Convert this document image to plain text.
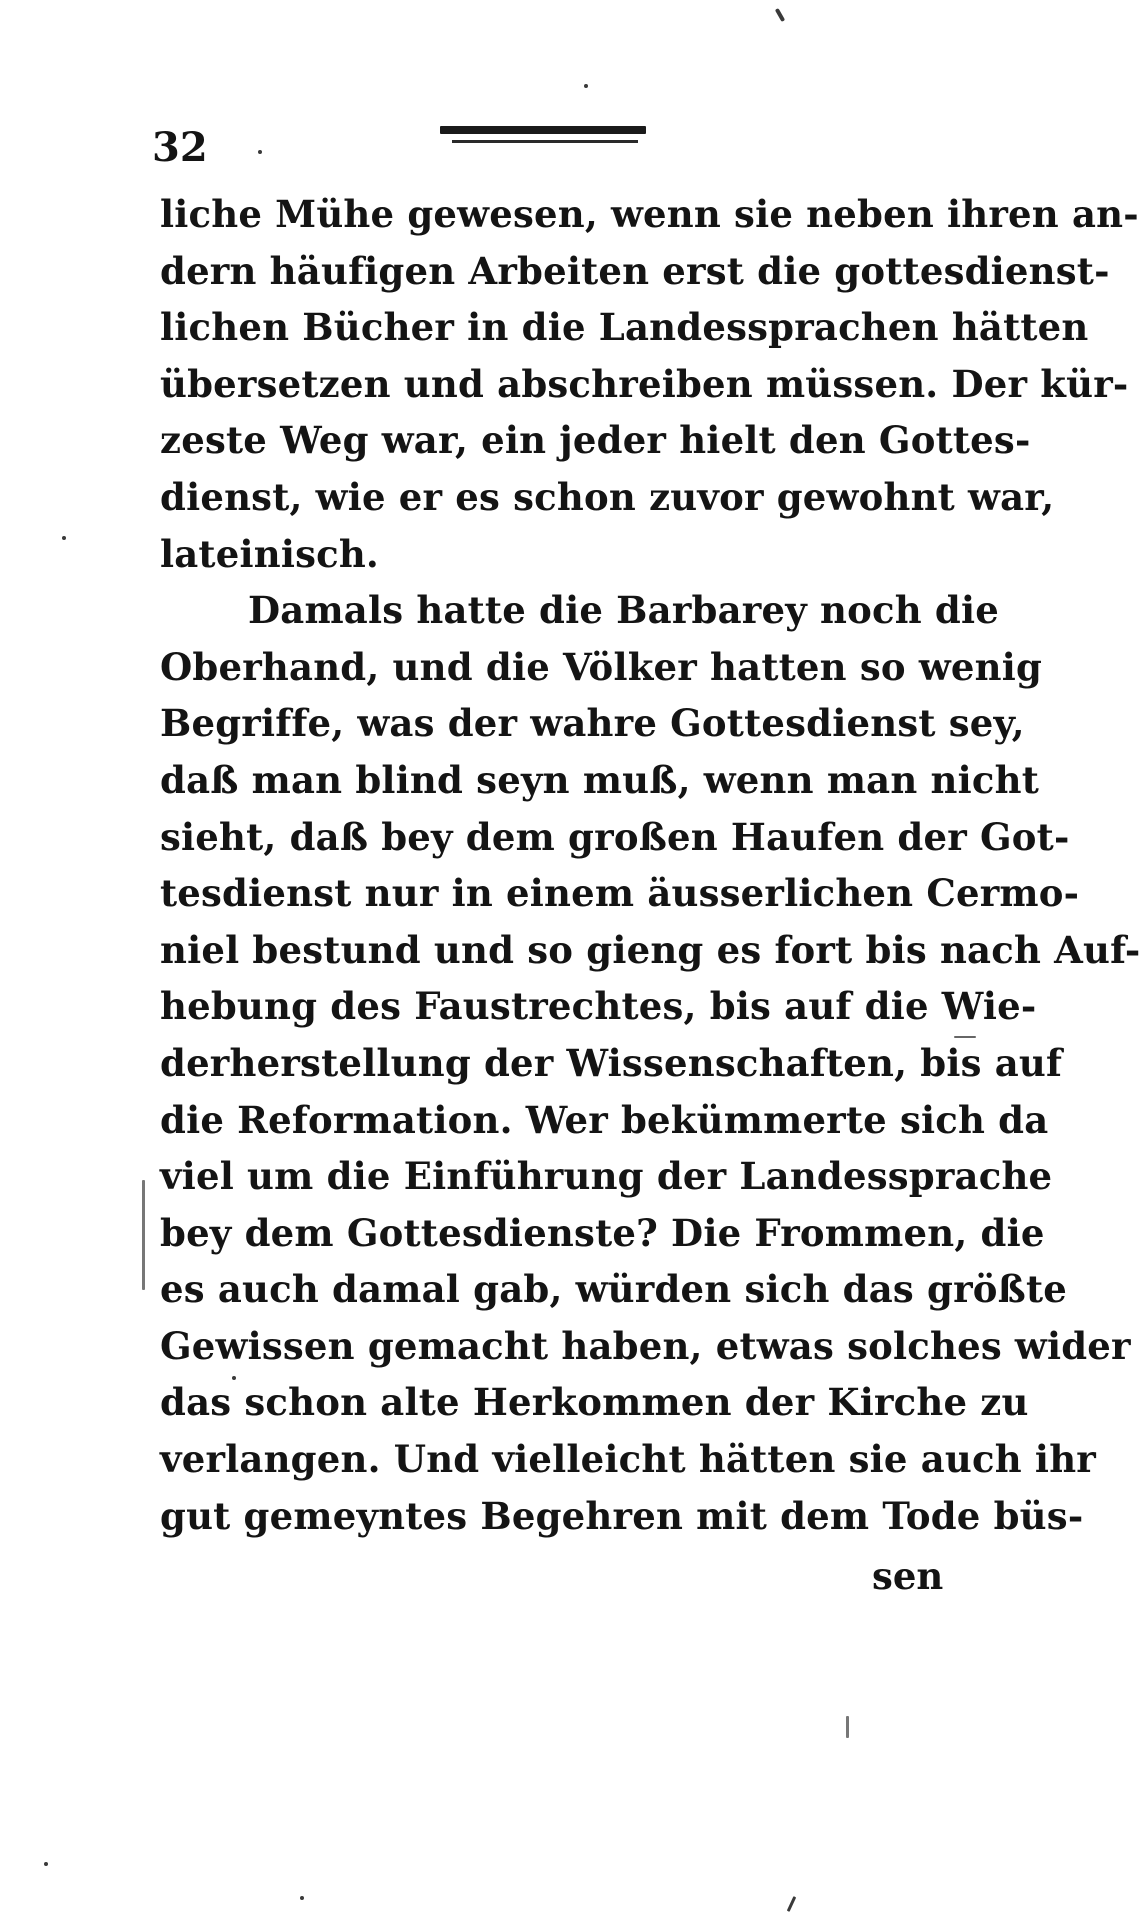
32
liche Mühe gewesen, wenn sie neben ihren an-
dern häufigen Arbeiten erst die gottesdienst-
lichen Bücher in die Landessprachen hätten
übersetzen und abschreiben müssen. Der kür-
zeste Weg war, ein jeder hielt den Gottes-
dienst, wie er es schon zuvor gewohnt war,
lateinisch.
Damals hatte die Barbarey noch die
Oberhand, und die Völker hatten so wenig
Begriffe, was der wahre Gottesdienst sey,
daß man blind seyn muß, wenn man nicht
sieht, daß bey dem großen Haufen der Got-
tesdienst nur in einem äusserlichen Cermo-
niel bestund und so gieng es fort bis nach Auf-
hebung des Faustrechtes, bis auf die Wie-
derherstellung der Wissenschaften, bis auf
die Reformation. Wer bekümmerte sich da
viel um die Einführung der Landessprache
bey dem Gottesdienste? Die Frommen, die
es auch damal gab, würden sich das größte
Gewissen gemacht haben, etwas solches wider
das schon alte Herkommen der Kirche zu
verlangen. Und vielleicht hätten sie auch ihr
gut gemeyntes Begehren mit dem Tode büs-
sen
